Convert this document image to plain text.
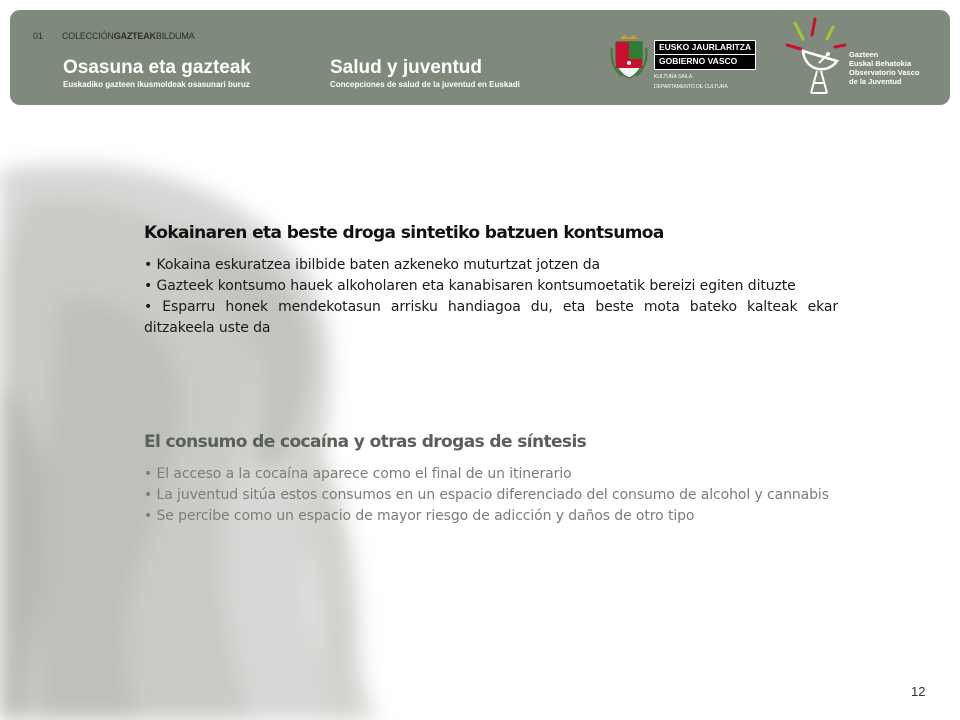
01 COLECCIÓNGAZTEAKBILDUMA
Osasuna eta gazteak
Euskadiko gazteen ikusmoldeak osasunari buruz
Salud y juventud
Concepciones de salud de la juventud en Euskadi
EUSKO JAURLARITZA
GOBIERNO VASCO
KULTURA SAILA
DEPARTAMENTO DE CULTURA
Gazteen
Euskal Behatokia
Observatorio Vasco
de la Juventud
Kokainaren eta beste droga sintetiko batzuen kontsumoa
• Kokaina eskuratzea ibilbide baten azkeneko muturtzat jotzen da
• Gazteek kontsumo hauek alkoholaren eta kanabisaren kontsumoetatik bereizi egiten dituzte
• Esparru honek mendekotasun arrisku handiagoa du, eta beste mota bateko kalteak ekar ditzakeela uste da
El consumo de cocaína y otras drogas de síntesis
• El acceso a la cocaína aparece como el final de un itinerario
• La juventud sitúa estos consumos en un espacio diferenciado del consumo de alcohol y cannabis
• Se percibe como un espacio de mayor riesgo de adicción y daños de otro tipo
12
